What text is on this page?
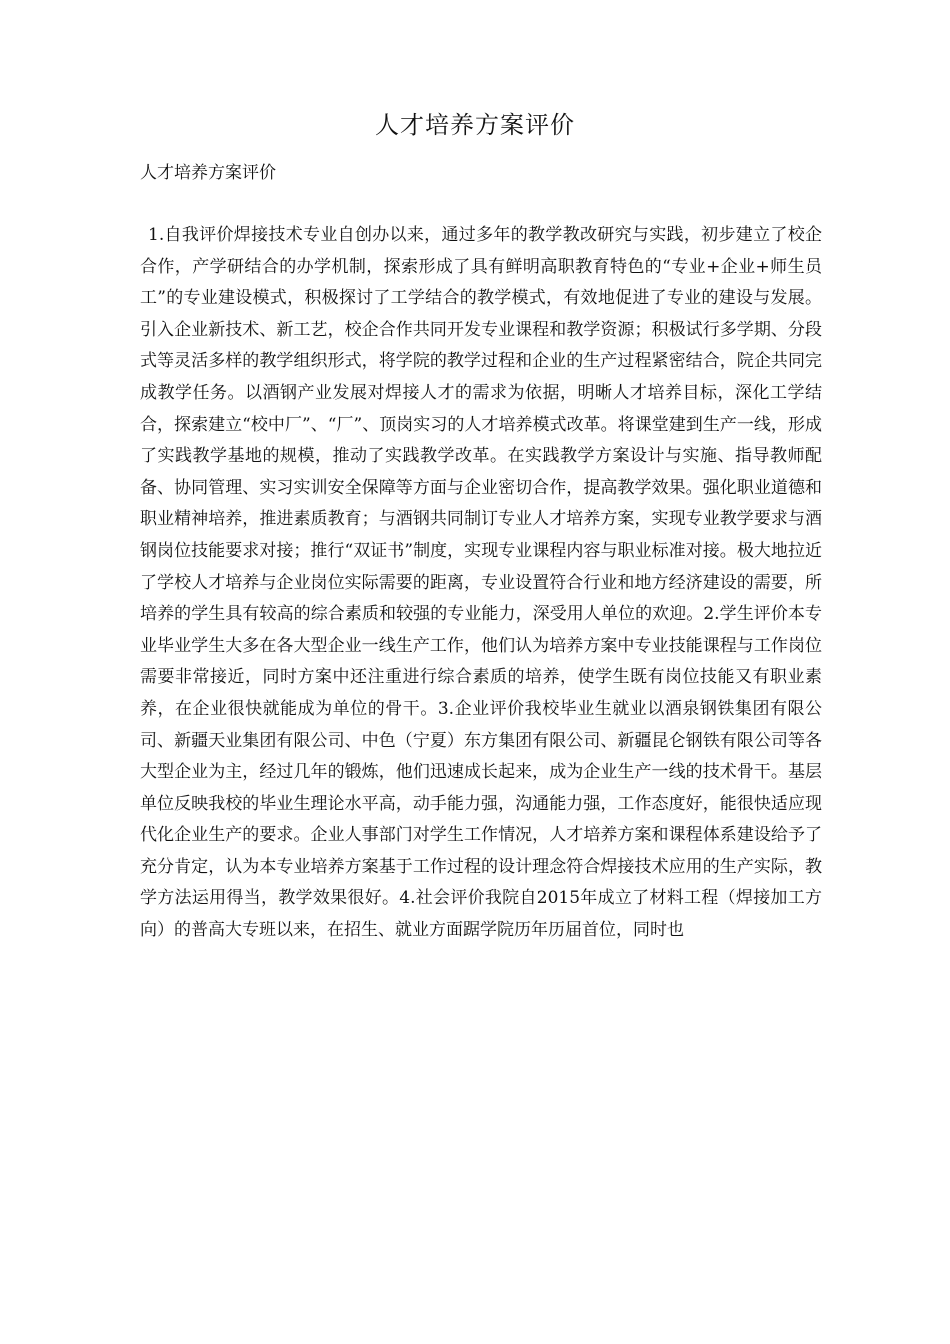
人才培养方案评价

人才培养方案评价

1.自我评价焊接技术专业自创办以来，通过多年的教学教改研究与实践，初步建立了校企合作，产学研结合的办学机制，探索形成了具有鲜明高职教育特色的“专业+企业+师生员工”的专业建设模式，积极探讨了工学结合的教学模式，有效地促进了专业的建设与发展。引入企业新技术、新工艺，校企合作共同开发专业课程和教学资源；积极试行多学期、分段式等灵活多样的教学组织形式，将学院的教学过程和企业的生产过程紧密结合，院企共同完成教学任务。以酒钢产业发展对焊接人才的需求为依据，明晰人才培养目标，深化工学结合，探索建立“校中厂”、“厂”、顶岗实习的人才培养模式改革。将课堂建到生产一线，形成了实践教学基地的规模，推动了实践教学改革。在实践教学方案设计与实施、指导教师配备、协同管理、实习实训安全保障等方面与企业密切合作，提高教学效果。强化职业道德和职业精神培养，推进素质教育；与酒钢共同制订专业人才培养方案，实现专业教学要求与酒钢岗位技能要求对接；推行“双证书”制度，实现专业课程内容与职业标准对接。极大地拉近了学校人才培养与企业岗位实际需要的距离，专业设置符合行业和地方经济建设的需要，所培养的学生具有较高的综合素质和较强的专业能力，深受用人单位的欢迎。2.学生评价本专业毕业学生大多在各大型企业一线生产工作，他们认为培养方案中专业技能课程与工作岗位需要非常接近，同时方案中还注重进行综合素质的培养，使学生既有岗位技能又有职业素养，在企业很快就能成为单位的骨干。3.企业评价我校毕业生就业以酒泉钢铁集团有限公司、新疆天业集团有限公司、中色（宁夏）东方集团有限公司、新疆昆仑钢铁有限公司等各大型企业为主，经过几年的锻炼，他们迅速成长起来，成为企业生产一线的技术骨干。基层单位反映我校的毕业生理论水平高，动手能力强，沟通能力强，工作态度好，能很快适应现代化企业生产的要求。企业人事部门对学生工作情况，人才培养方案和课程体系建设给予了充分肯定，认为本专业培养方案基于工作过程的设计理念符合焊接技术应用的生产实际，教学方法运用得当，教学效果很好。4.社会评价我院自2015年成立了材料工程（焊接加工方向）的普高大专班以来，在招生、就业方面踞学院历年历届首位，同时也
